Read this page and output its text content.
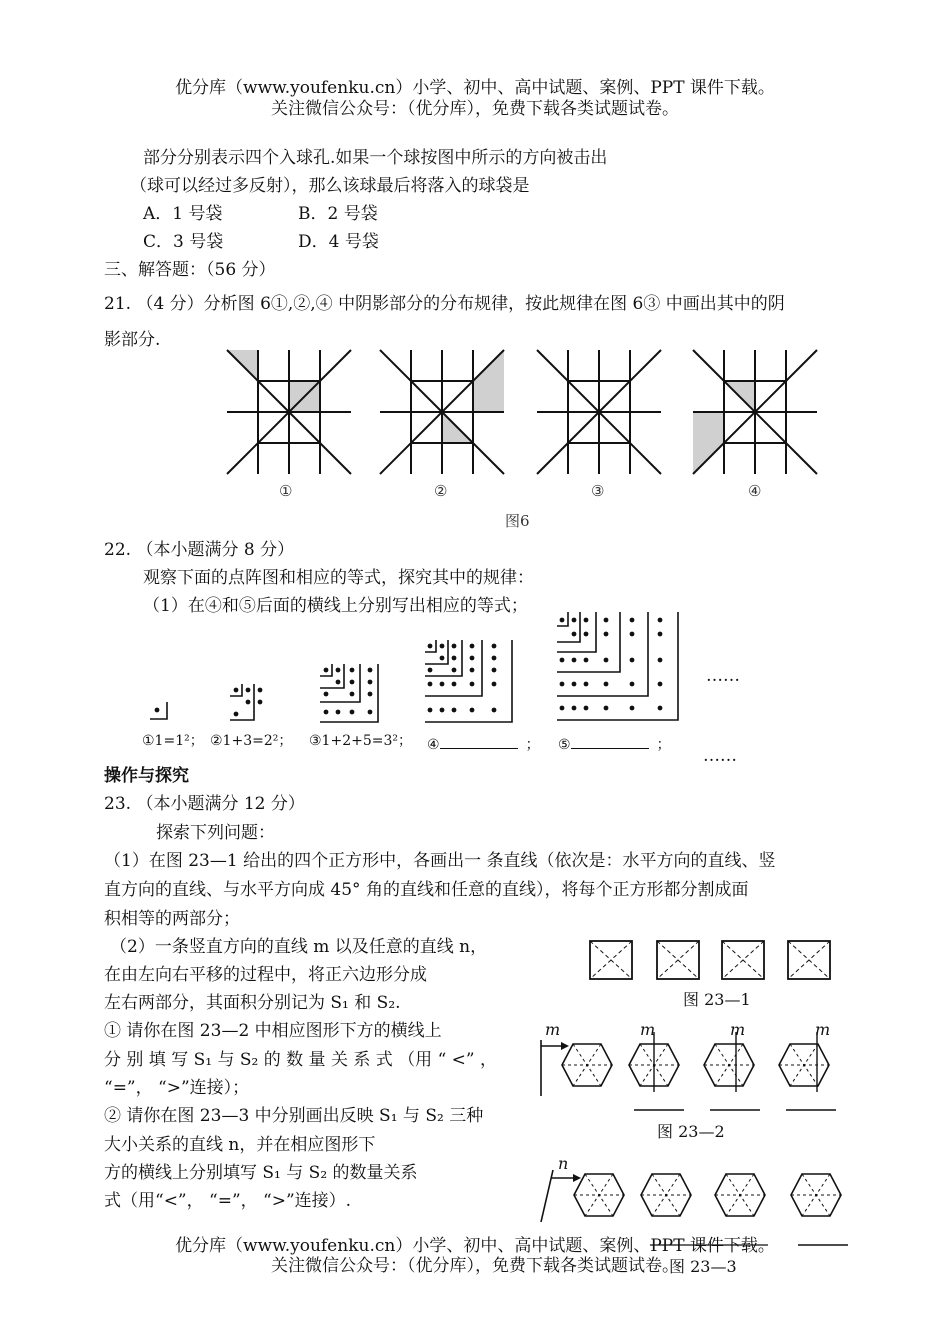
优分库（www.youfenku.cn）小学、初中、高中试题、案例、PPT 课件下载。
关注微信公众号：（优分库），免费下载各类试题试卷。
部分分别表示四个入球孔.如果一个球按图中所示的方向被击出
（球可以经过多反射），那么该球最后将落入的球袋是
A．1 号袋	B．2 号袋
C．3 号袋	D．4 号袋
三、解答题：（56 分）
21. （4 分）分析图 6①,②,④ 中阴影部分的分布规律，按此规律在图 6③ 中画出其中的阴
影部分.
①	②	③	④
图6
22. （本小题满分 8 分）
观察下面的点阵图和相应的等式，探究其中的规律：
（1）在④和⑤后面的横线上分别写出相应的等式；
……
①1=1²； ②1+3=2²； ③1+2+5=3²； ④	； ⑤	；
……
操作与探究
23. （本小题满分 12 分）
探索下列问题：
（1）在图 23—1 给出的四个正方形中，各画出一 条直线（依次是：水平方向的直线、竖
直方向的直线、与水平方向成 45° 角的直线和任意的直线），将每个正方形都分割成面
积相等的两部分；
（2）一条竖直方向的直线 m 以及任意的直线 n，
在由左向右平移的过程中，将正六边形分成
左右两部分，其面积分别记为 S₁ 和 S₂.
① 请你在图 23—2 中相应图形下方的横线上
分 别 填 写 S₁ 与 S₂ 的 数 量 关 系 式 （用 “ <” ，
“=”， “>”连接）；
② 请你在图 23—3 中分别画出反映 S₁ 与 S₂ 三种
大小关系的直线 n，并在相应图形下
方的横线上分别填写 S₁ 与 S₂ 的数量关系
式（用“<”， “=”， “>”连接）.
图 23—1
m	m	m	m
图 23—2
n
优分库（www.youfenku.cn）小学、初中、高中试题、案例、PPT 课件下载。
关注微信公众号：（优分库），免费下载各类试题试卷。
图 23—3
